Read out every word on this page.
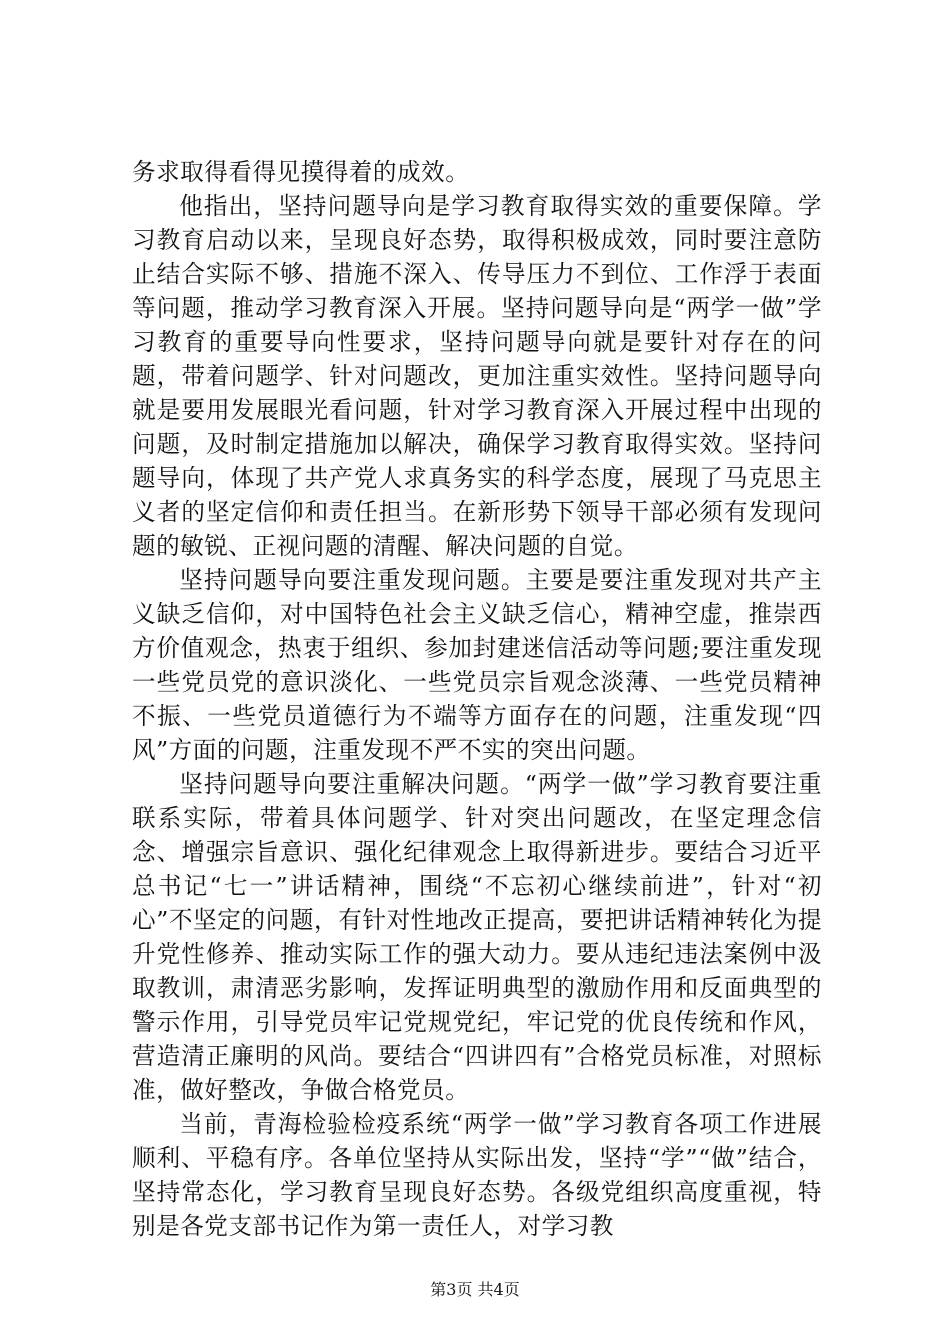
务求取得看得见摸得着的成效。

他指出，坚持问题导向是学习教育取得实效的重要保障。学习教育启动以来，呈现良好态势，取得积极成效，同时要注意防止结合实际不够、措施不深入、传导压力不到位、工作浮于表面等问题，推动学习教育深入开展。坚持问题导向是“两学一做”学习教育的重要导向性要求，坚持问题导向就是要针对存在的问题，带着问题学、针对问题改，更加注重实效性。坚持问题导向就是要用发展眼光看问题，针对学习教育深入开展过程中出现的问题，及时制定措施加以解决，确保学习教育取得实效。坚持问题导向，体现了共产党人求真务实的科学态度，展现了马克思主义者的坚定信仰和责任担当。在新形势下领导干部必须有发现问题的敏锐、正视问题的清醒、解决问题的自觉。

坚持问题导向要注重发现问题。主要是要注重发现对共产主义缺乏信仰，对中国特色社会主义缺乏信心，精神空虚，推崇西方价值观念，热衷于组织、参加封建迷信活动等问题;要注重发现一些党员党的意识淡化、一些党员宗旨观念淡薄、一些党员精神不振、一些党员道德行为不端等方面存在的问题，注重发现“四风”方面的问题，注重发现不严不实的突出问题。

坚持问题导向要注重解决问题。“两学一做”学习教育要注重联系实际，带着具体问题学、针对突出问题改，在坚定理念信念、增强宗旨意识、强化纪律观念上取得新进步。要结合习近平总书记“七一”讲话精神，围绕“不忘初心继续前进”，针对“初心”不坚定的问题，有针对性地改正提高，要把讲话精神转化为提升党性修养、推动实际工作的强大动力。要从违纪违法案例中汲取教训，肃清恶劣影响，发挥证明典型的激励作用和反面典型的警示作用，引导党员牢记党规党纪，牢记党的优良传统和作风，营造清正廉明的风尚。要结合“四讲四有”合格党员标准，对照标准，做好整改，争做合格党员。

当前，青海检验检疫系统“两学一做”学习教育各项工作进展顺利、平稳有序。各单位坚持从实际出发，坚持“学”“做”结合，坚持常态化，学习教育呈现良好态势。各级党组织高度重视，特别是各党支部书记作为第一责任人，对学习教

第3页 共4页
